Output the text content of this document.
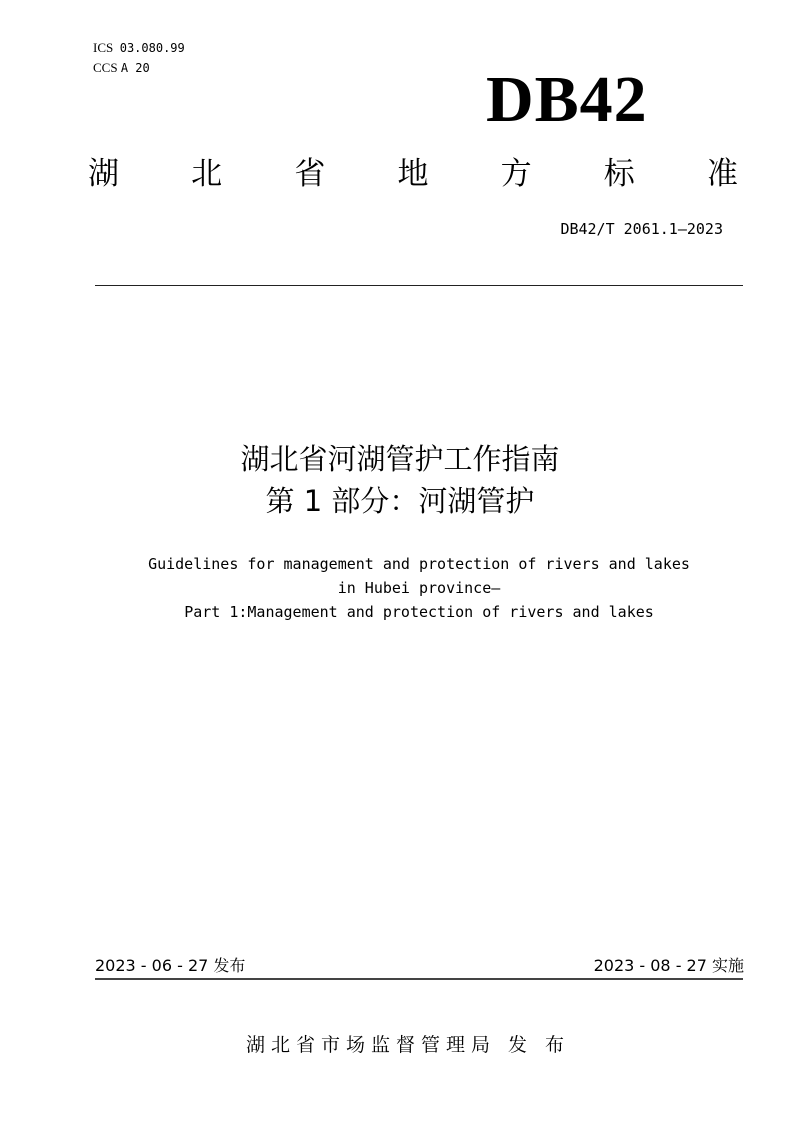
ICS 03.080.99
CCS A 20	DB42
湖 北 省 地 方 标 准
DB42/T 2061.1—2023
湖北省河湖管护工作指南
第 1 部分：河湖管护
Guidelines for management and protection of rivers and lakes
in Hubei province—
Part 1:Management and protection of rivers and lakes
2023 - 06 - 27 发布	2023 - 08 - 27 实施
湖北省市场监督管理局 发 布
